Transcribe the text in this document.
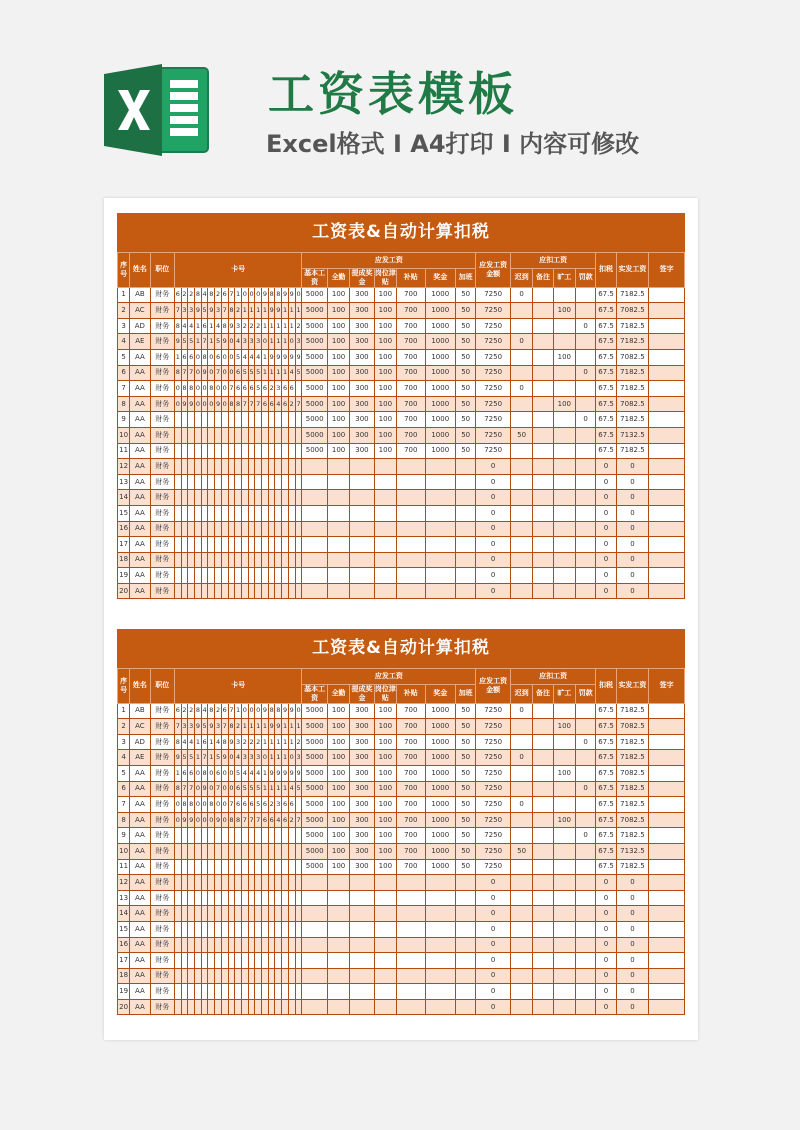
工资表模板
Excel格式 I A4打印 I 内容可修改
工资表&自动计算扣税
序号	姓名	职位	卡号																			应发工资							应发工资金额	应扣工资				扣税	实发工资	签字
																						基本工资	全勤	提成奖金	岗位津贴	补贴	奖金	加班		迟到	备注	旷工	罚款			
1	AB	财务	6	2	2	8	4	8	2	6	7	1	0	0	0	9	8	8	9	9	0	5000	100	300	100	700	1000	50	7250	0				67.5	7182.5	
2	AC	财务	7	3	3	9	5	9	3	7	8	2	1	1	1	1	9	9	1	1	1	5000	100	300	100	700	1000	50	7250			100		67.5	7082.5	
3	AD	财务	8	4	4	1	6	1	4	8	9	3	2	2	2	1	1	1	1	1	2	5000	100	300	100	700	1000	50	7250				0	67.5	7182.5	
4	AE	财务	9	5	5	1	7	1	5	9	0	4	3	3	3	0	1	1	1	0	3	5000	100	300	100	700	1000	50	7250	0				67.5	7182.5	
5	AA	财务	1	6	6	0	8	0	6	0	0	5	4	4	4	1	9	9	9	9	9	5000	100	300	100	700	1000	50	7250			100		67.5	7082.5	
6	AA	财务	8	7	7	0	9	0	7	0	0	6	5	5	5	1	1	1	1	4	5	5000	100	300	100	700	1000	50	7250				0	67.5	7182.5	
7	AA	财务	0	8	8	0	0	8	0	0	7	6	6	6	5	6	2	3	6	6		5000	100	300	100	700	1000	50	7250	0				67.5	7182.5	
8	AA	财务	0	9	9	0	0	0	9	0	8	8	7	7	7	6	6	4	6	2	7	5000	100	300	100	700	1000	50	7250			100		67.5	7082.5	
9	AA	财务																				5000	100	300	100	700	1000	50	7250				0	67.5	7182.5	
10	AA	财务																				5000	100	300	100	700	1000	50	7250	50				67.5	7132.5	
11	AA	财务																				5000	100	300	100	700	1000	50	7250					67.5	7182.5	
12	AA	财务																											0					0	0	
13	AA	财务																											0					0	0	
14	AA	财务																											0					0	0	
15	AA	财务																											0					0	0	
16	AA	财务																											0					0	0	
17	AA	财务																											0					0	0	
18	AA	财务																											0					0	0	
19	AA	财务																											0					0	0	
20	AA	财务																											0					0	0	
工资表&自动计算扣税
序号	姓名	职位	卡号																			应发工资							应发工资金额	应扣工资				扣税	实发工资	签字
																						基本工资	全勤	提成奖金	岗位津贴	补贴	奖金	加班		迟到	备注	旷工	罚款			
1	AB	财务	6	2	2	8	4	8	2	6	7	1	0	0	0	9	8	8	9	9	0	5000	100	300	100	700	1000	50	7250	0				67.5	7182.5	
2	AC	财务	7	3	3	9	5	9	3	7	8	2	1	1	1	1	9	9	1	1	1	5000	100	300	100	700	1000	50	7250			100		67.5	7082.5	
3	AD	财务	8	4	4	1	6	1	4	8	9	3	2	2	2	1	1	1	1	1	2	5000	100	300	100	700	1000	50	7250				0	67.5	7182.5	
4	AE	财务	9	5	5	1	7	1	5	9	0	4	3	3	3	0	1	1	1	0	3	5000	100	300	100	700	1000	50	7250	0				67.5	7182.5	
5	AA	财务	1	6	6	0	8	0	6	0	0	5	4	4	4	1	9	9	9	9	9	5000	100	300	100	700	1000	50	7250			100		67.5	7082.5	
6	AA	财务	8	7	7	0	9	0	7	0	0	6	5	5	5	1	1	1	1	4	5	5000	100	300	100	700	1000	50	7250				0	67.5	7182.5	
7	AA	财务	0	8	8	0	0	8	0	0	7	6	6	6	5	6	2	3	6	6		5000	100	300	100	700	1000	50	7250	0				67.5	7182.5	
8	AA	财务	0	9	9	0	0	0	9	0	8	8	7	7	7	6	6	4	6	2	7	5000	100	300	100	700	1000	50	7250			100		67.5	7082.5	
9	AA	财务																				5000	100	300	100	700	1000	50	7250				0	67.5	7182.5	
10	AA	财务																				5000	100	300	100	700	1000	50	7250	50				67.5	7132.5	
11	AA	财务																				5000	100	300	100	700	1000	50	7250					67.5	7182.5	
12	AA	财务																											0					0	0	
13	AA	财务																											0					0	0	
14	AA	财务																											0					0	0	
15	AA	财务																											0					0	0	
16	AA	财务																											0					0	0	
17	AA	财务																											0					0	0	
18	AA	财务																											0					0	0	
19	AA	财务																											0					0	0	
20	AA	财务																											0					0	0	
